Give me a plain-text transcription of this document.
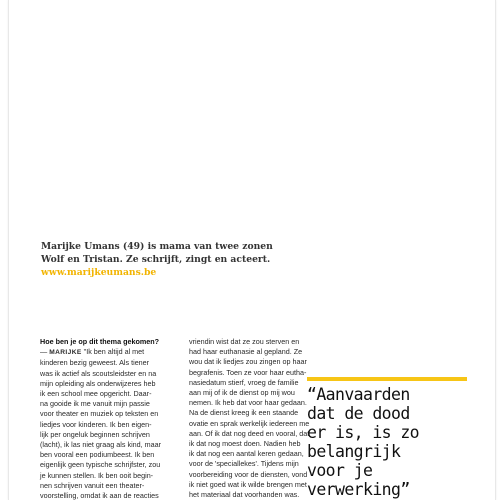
Marijke Umans (49) is mama van twee zonen
Wolf en Tristan. Ze schrijft, zingt en acteert.
www.marijkeumans.be
Hoe ben je op dit thema gekomen?
— MARIJKE "Ik ben altijd al met
kinderen bezig geweest. Als tiener
was ik actief als scoutsleidster en na
mijn opleiding als onderwijzeres heb
ik een school mee opgericht. Daar-
na gooide ik me vanuit mijn passie
voor theater en muziek op teksten en
liedjes voor kinderen. Ik ben eigen-
lijk per ongeluk beginnen schrijven
(lacht), ik las niet graag als kind, maar
ben vooral een podiumbeest. Ik ben
eigenlijk geen typische schrijfster, zou
je kunnen stellen. Ik ben ooit begin-
nen schrijven vanuit een theater-
voorstelling, omdat ik aan de reacties
vriendin wist dat ze zou sterven en
had haar euthanasie al gepland. Ze
wou dat ik liedjes zou zingen op haar
begrafenis. Toen ze voor haar eutha-
nasiedatum stierf, vroeg de familie
aan mij of ik de dienst op mij wou
nemen. Ik heb dat voor haar gedaan.
Na de dienst kreeg ik een staande
ovatie en sprak werkelijk iedereen me
aan. Of ik dat nog deed en vooral, dat
ik dat nog moest doen. Nadien heb
ik dat nog een aantal keren gedaan,
voor de 'speciallekes'. Tijdens mijn
voorbereiding voor de diensten, vond
ik niet goed wat ik wilde brengen met
het materiaal dat voorhanden was.
“Aanvaarden
dat de dood
er is, is zo
belangrijk
voor je
verwerking”
